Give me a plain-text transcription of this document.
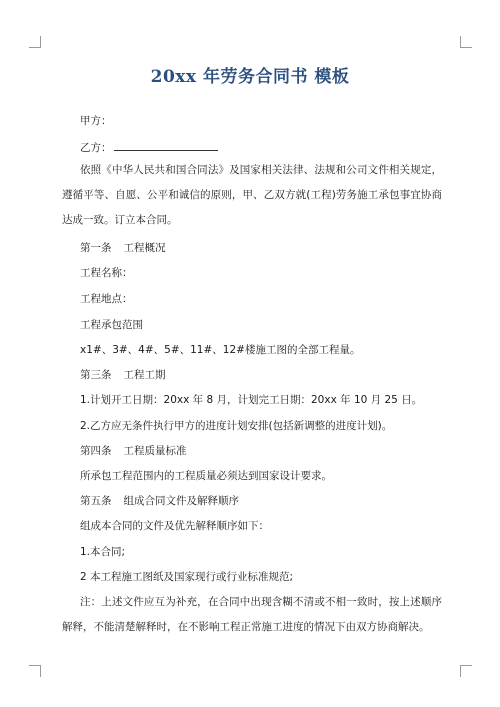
20xx 年劳务合同书 模板
甲方：
乙方：
依照《中华人民共和国合同法》及国家相关法律、法规和公司文件相关规定，遵循平等、自愿、公平和诚信的原则，甲、乙双方就(工程)劳务施工承包事宜协商达成一致。订立本合同。
第一条 工程概况
工程名称：
工程地点：
工程承包范围
x1#、3#、4#、5#、11#、12#楼施工图的全部工程量。
第三条 工程工期
1.计划开工日期：20xx 年 8 月，计划完工日期：20xx 年 10 月 25 日。
2.乙方应无条件执行甲方的进度计划安排(包括新调整的进度计划)。
第四条 工程质量标准
所承包工程范围内的工程质量必须达到国家设计要求。
第五条 组成合同文件及解释顺序
组成本合同的文件及优先解释顺序如下：
1.本合同;
2 本工程施工图纸及国家现行或行业标准规范;
注：上述文件应互为补充，在合同中出现含糊不清或不相一致时，按上述顺序解释，不能清楚解释时，在不影响工程正常施工进度的情况下由双方协商解决。
